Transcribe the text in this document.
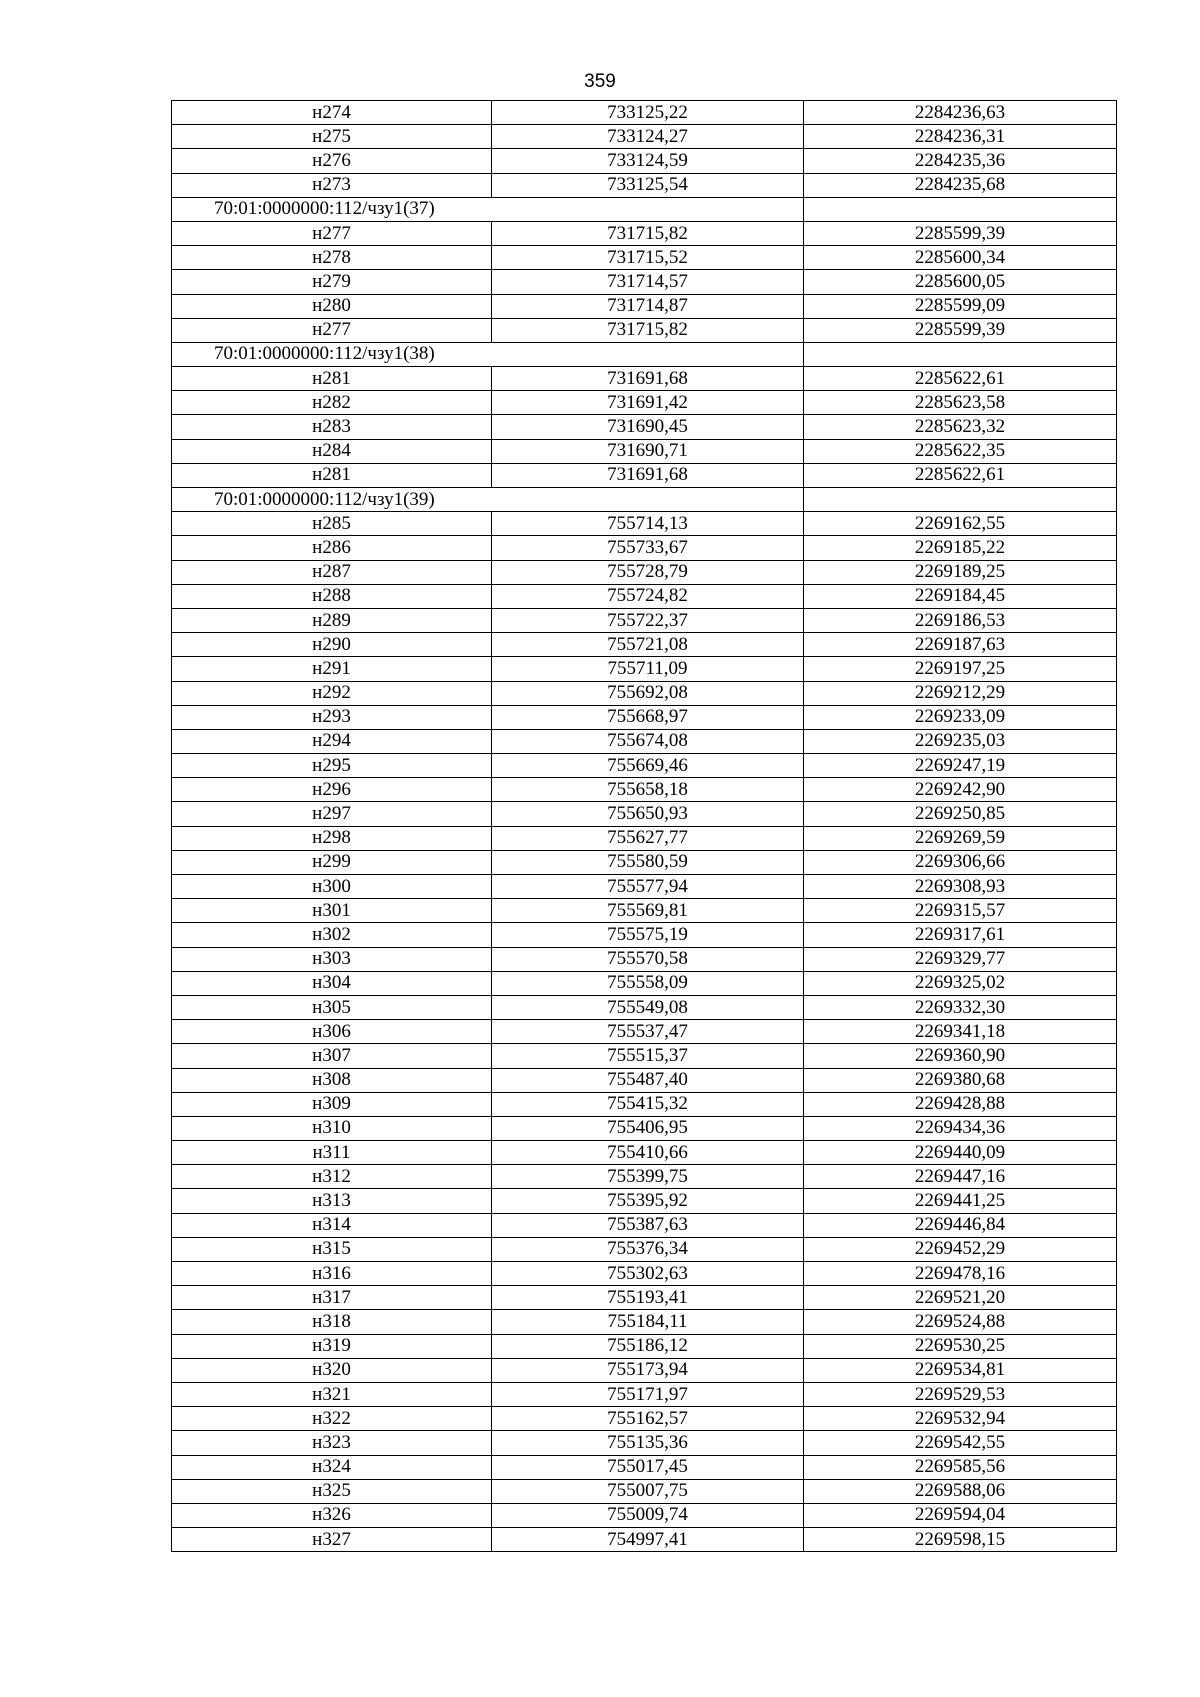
359
н274	733125,22	2284236,63
н275	733124,27	2284236,31
н276	733124,59	2284235,36
н273	733125,54	2284235,68
70:01:0000000:112/чзу1(37)		
н277	731715,82	2285599,39
н278	731715,52	2285600,34
н279	731714,57	2285600,05
н280	731714,87	2285599,09
н277	731715,82	2285599,39
70:01:0000000:112/чзу1(38)		
н281	731691,68	2285622,61
н282	731691,42	2285623,58
н283	731690,45	2285623,32
н284	731690,71	2285622,35
н281	731691,68	2285622,61
70:01:0000000:112/чзу1(39)		
н285	755714,13	2269162,55
н286	755733,67	2269185,22
н287	755728,79	2269189,25
н288	755724,82	2269184,45
н289	755722,37	2269186,53
н290	755721,08	2269187,63
н291	755711,09	2269197,25
н292	755692,08	2269212,29
н293	755668,97	2269233,09
н294	755674,08	2269235,03
н295	755669,46	2269247,19
н296	755658,18	2269242,90
н297	755650,93	2269250,85
н298	755627,77	2269269,59
н299	755580,59	2269306,66
н300	755577,94	2269308,93
н301	755569,81	2269315,57
н302	755575,19	2269317,61
н303	755570,58	2269329,77
н304	755558,09	2269325,02
н305	755549,08	2269332,30
н306	755537,47	2269341,18
н307	755515,37	2269360,90
н308	755487,40	2269380,68
н309	755415,32	2269428,88
н310	755406,95	2269434,36
н311	755410,66	2269440,09
н312	755399,75	2269447,16
н313	755395,92	2269441,25
н314	755387,63	2269446,84
н315	755376,34	2269452,29
н316	755302,63	2269478,16
н317	755193,41	2269521,20
н318	755184,11	2269524,88
н319	755186,12	2269530,25
н320	755173,94	2269534,81
н321	755171,97	2269529,53
н322	755162,57	2269532,94
н323	755135,36	2269542,55
н324	755017,45	2269585,56
н325	755007,75	2269588,06
н326	755009,74	2269594,04
н327	754997,41	2269598,15
